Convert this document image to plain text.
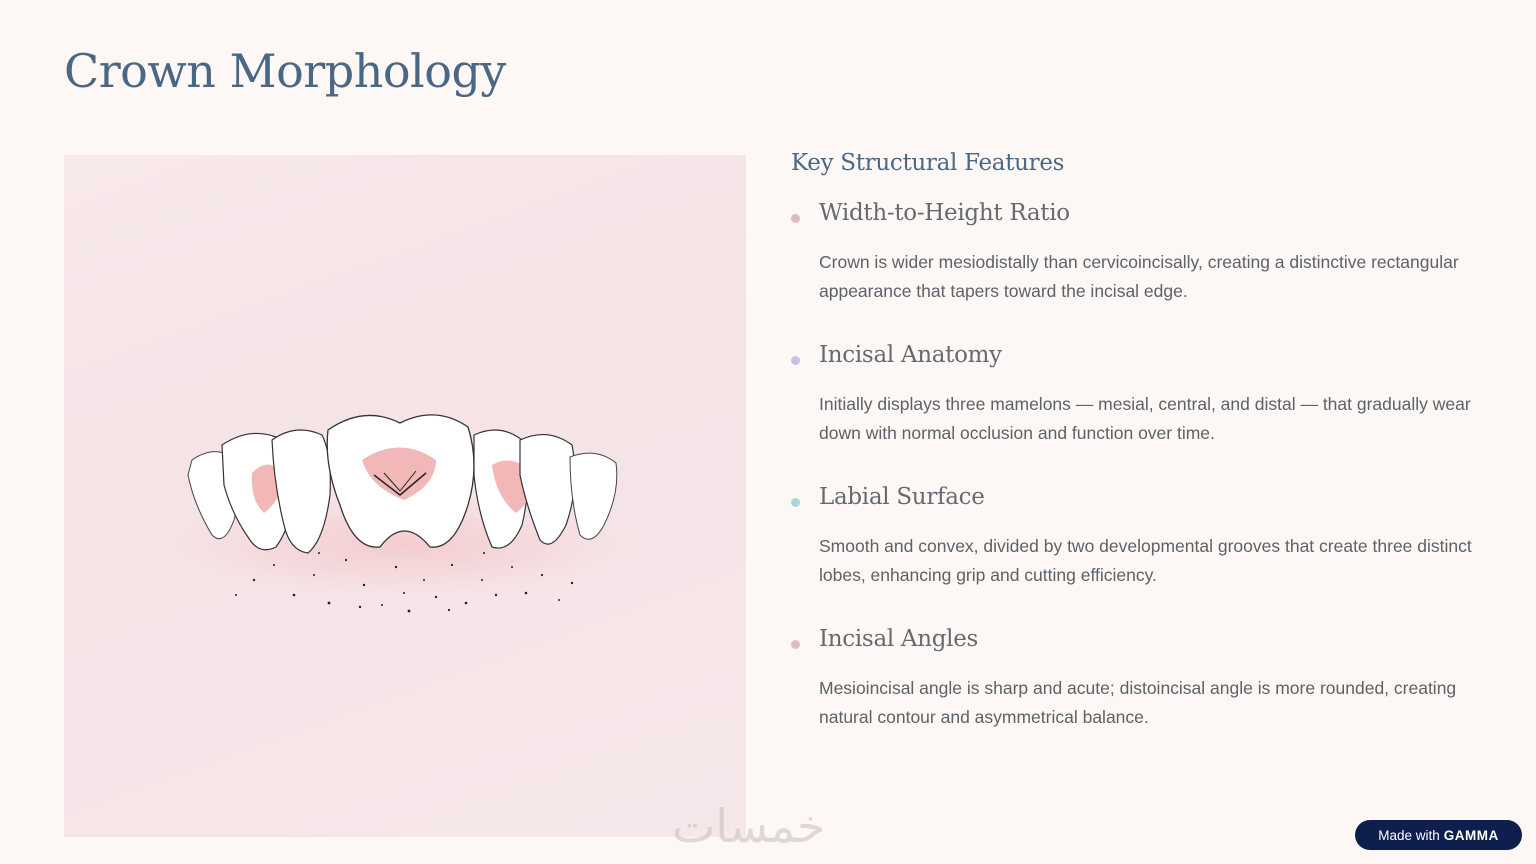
Crown Morphology
Key Structural Features
Width-to-Height Ratio

Crown is wider mesiodistally than cervicoincisally, creating a distinctive rectangular appearance that tapers toward the incisal edge.

Incisal Anatomy

Initially displays three mamelons — mesial, central, and distal — that gradually wear down with normal occlusion and function over time.

Labial Surface

Smooth and convex, divided by two developmental grooves that create three distinct lobes, enhancing grip and cutting efficiency.

Incisal Angles

Mesioincisal angle is sharp and acute; distoincisal angle is more rounded, creating natural contour and asymmetrical balance.

خمسات	Made with GAMMA
